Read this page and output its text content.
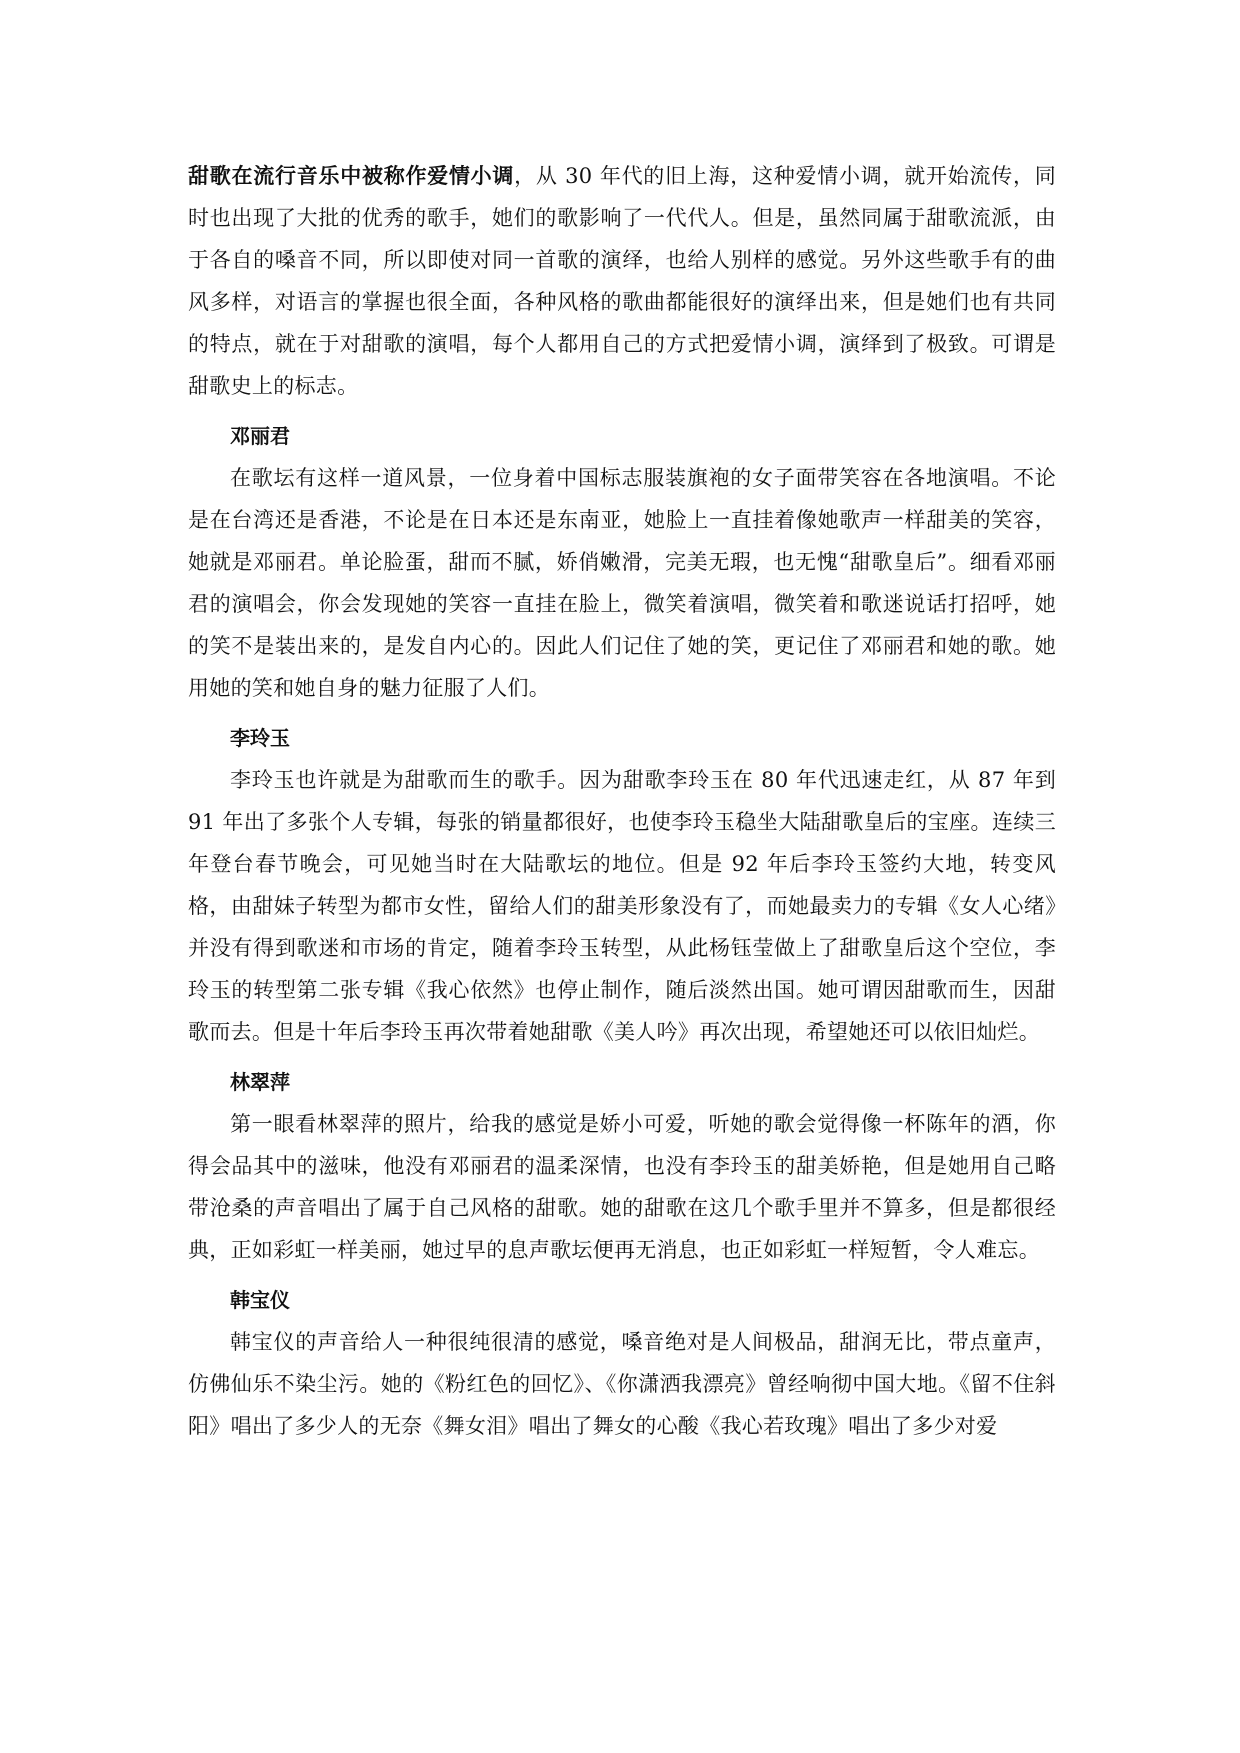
甜歌在流行音乐中被称作爱情小调，从 30 年代的旧上海，这种爱情小调，就开始流传，同时也出现了大批的优秀的歌手，她们的歌影响了一代代人。但是，虽然同属于甜歌流派，由于各自的嗓音不同，所以即使对同一首歌的演绎，也给人别样的感觉。另外这些歌手有的曲风多样，对语言的掌握也很全面，各种风格的歌曲都能很好的演绎出来，但是她们也有共同的特点，就在于对甜歌的演唱，每个人都用自己的方式把爱情小调，演绎到了极致。可谓是甜歌史上的标志。

邓丽君

在歌坛有这样一道风景，一位身着中国标志服装旗袍的女子面带笑容在各地演唱。不论是在台湾还是香港，不论是在日本还是东南亚，她脸上一直挂着像她歌声一样甜美的笑容，她就是邓丽君。单论脸蛋，甜而不腻，娇俏嫩滑，完美无瑕，也无愧“甜歌皇后”。细看邓丽君的演唱会，你会发现她的笑容一直挂在脸上，微笑着演唱，微笑着和歌迷说话打招呼，她的笑不是装出来的，是发自内心的。因此人们记住了她的笑，更记住了邓丽君和她的歌。她用她的笑和她自身的魅力征服了人们。

李玲玉

李玲玉也许就是为甜歌而生的歌手。因为甜歌李玲玉在 80 年代迅速走红，从 87 年到 91 年出了多张个人专辑，每张的销量都很好，也使李玲玉稳坐大陆甜歌皇后的宝座。连续三年登台春节晚会，可见她当时在大陆歌坛的地位。但是 92 年后李玲玉签约大地，转变风格，由甜妹子转型为都市女性，留给人们的甜美形象没有了，而她最卖力的专辑《女人心绪》并没有得到歌迷和市场的肯定，随着李玲玉转型，从此杨钰莹做上了甜歌皇后这个空位，李玲玉的转型第二张专辑《我心依然》也停止制作，随后淡然出国。她可谓因甜歌而生，因甜歌而去。但是十年后李玲玉再次带着她甜歌《美人吟》再次出现，希望她还可以依旧灿烂。

林翠萍

第一眼看林翠萍的照片，给我的感觉是娇小可爱，听她的歌会觉得像一杯陈年的酒，你得会品其中的滋味，他没有邓丽君的温柔深情，也没有李玲玉的甜美娇艳，但是她用自己略带沧桑的声音唱出了属于自己风格的甜歌。她的甜歌在这几个歌手里并不算多，但是都很经典，正如彩虹一样美丽，她过早的息声歌坛便再无消息，也正如彩虹一样短暂，令人难忘。

韩宝仪

韩宝仪的声音给人一种很纯很清的感觉，嗓音绝对是人间极品，甜润无比，带点童声，仿佛仙乐不染尘污。她的《粉红色的回忆》、《你潇洒我漂亮》曾经响彻中国大地。《留不住斜阳》唱出了多少人的无奈《舞女泪》唱出了舞女的心酸《我心若玫瑰》唱出了多少对爱
